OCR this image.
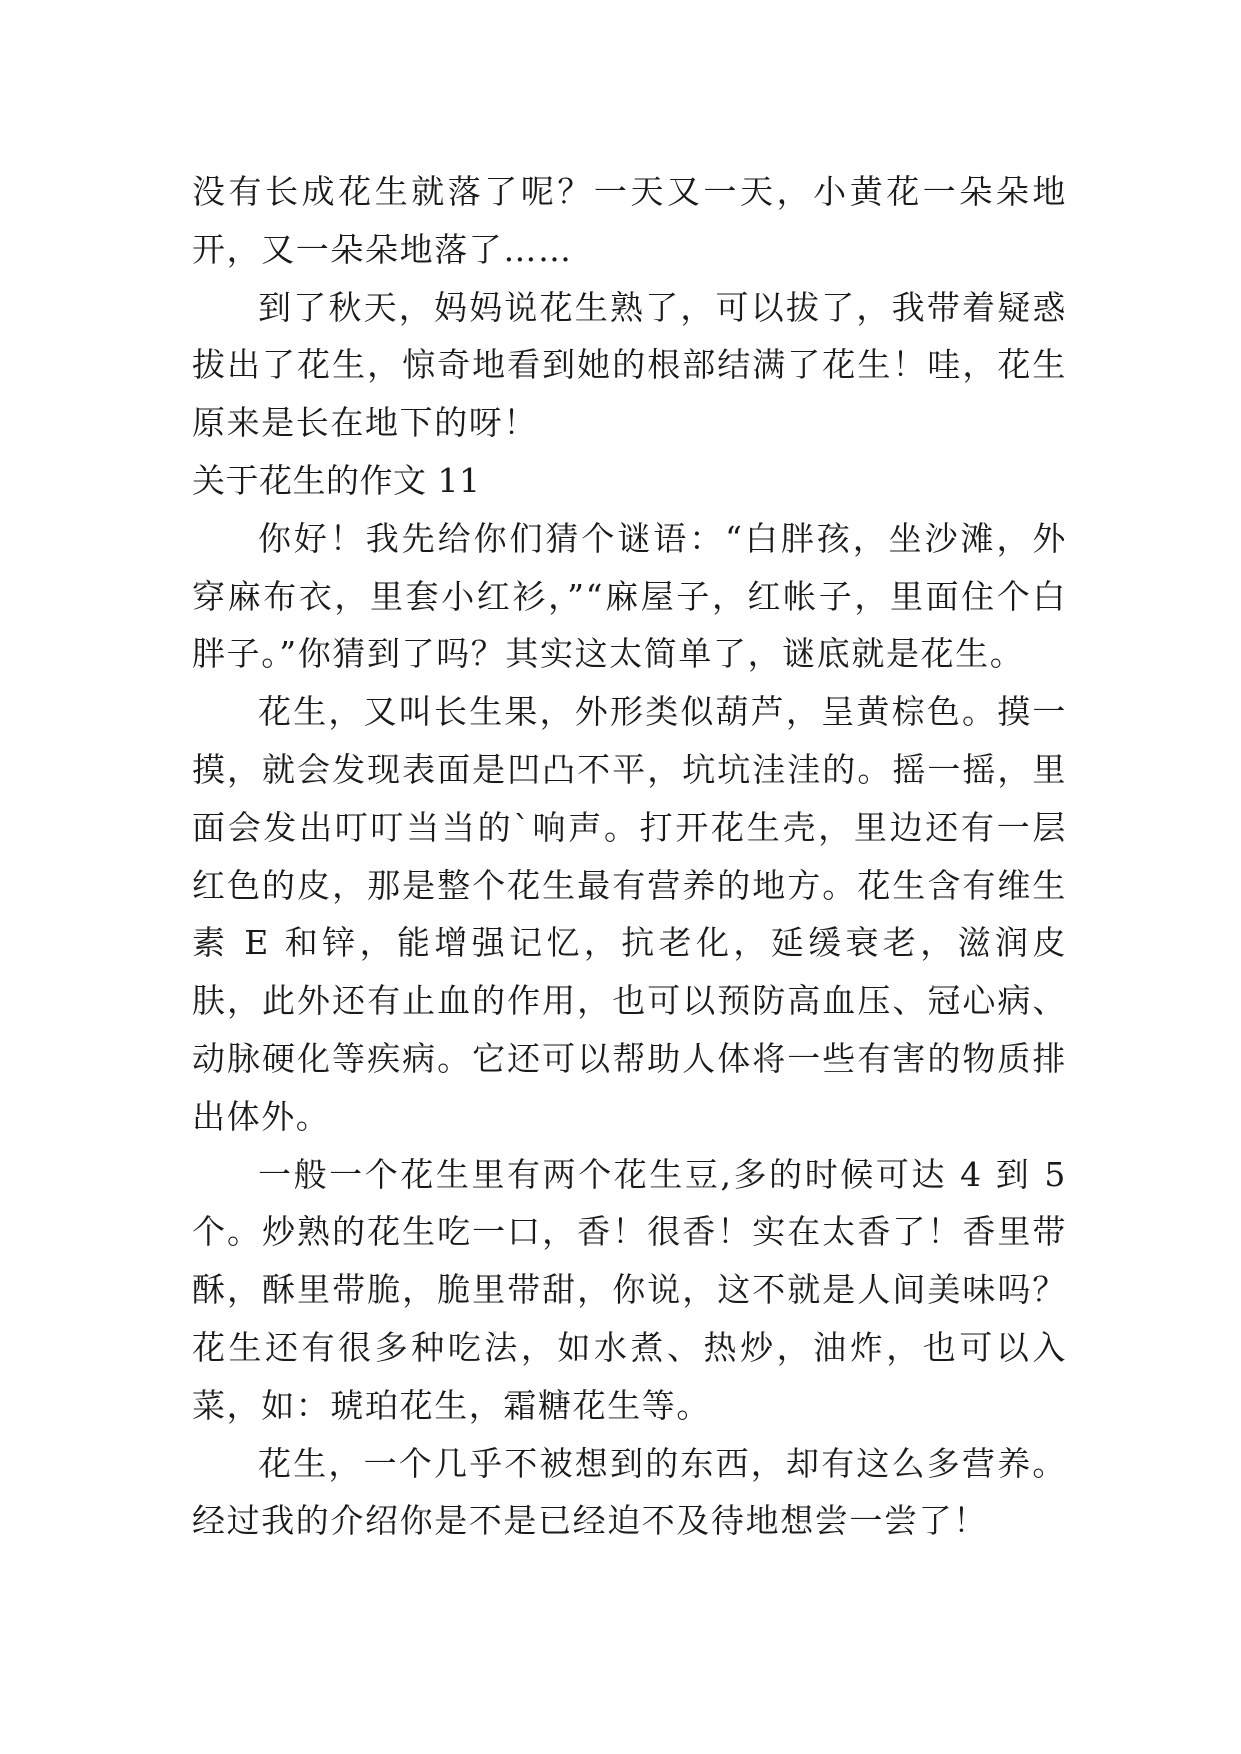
没有长成花生就落了呢？一天又一天，小黄花一朵朵地开，又一朵朵地落了……

到了秋天，妈妈说花生熟了，可以拔了，我带着疑惑拔出了花生，惊奇地看到她的根部结满了花生！哇，花生原来是长在地下的呀！

关于花生的作文 11

你好！我先给你们猜个谜语：“白胖孩，坐沙滩，外穿麻布衣，里套小红衫，”“麻屋子，红帐子，里面住个白胖子。”你猜到了吗？其实这太简单了，谜底就是花生。

花生，又叫长生果，外形类似葫芦，呈黄棕色。摸一摸，就会发现表面是凹凸不平，坑坑洼洼的。摇一摇，里面会发出叮叮当当的`响声。打开花生壳，里边还有一层红色的皮，那是整个花生最有营养的地方。花生含有维生素 E 和锌，能增强记忆，抗老化，延缓衰老，滋润皮肤，此外还有止血的作用，也可以预防高血压、冠心病、动脉硬化等疾病。它还可以帮助人体将一些有害的物质排出体外。

一般一个花生里有两个花生豆,多的时候可达 4 到 5 个。炒熟的花生吃一口，香！很香！实在太香了！香里带酥，酥里带脆，脆里带甜，你说，这不就是人间美味吗？花生还有很多种吃法，如水煮、热炒，油炸，也可以入菜，如：琥珀花生，霜糖花生等。

花生，一个几乎不被想到的东西，却有这么多营养。经过我的介绍你是不是已经迫不及待地想尝一尝了！
